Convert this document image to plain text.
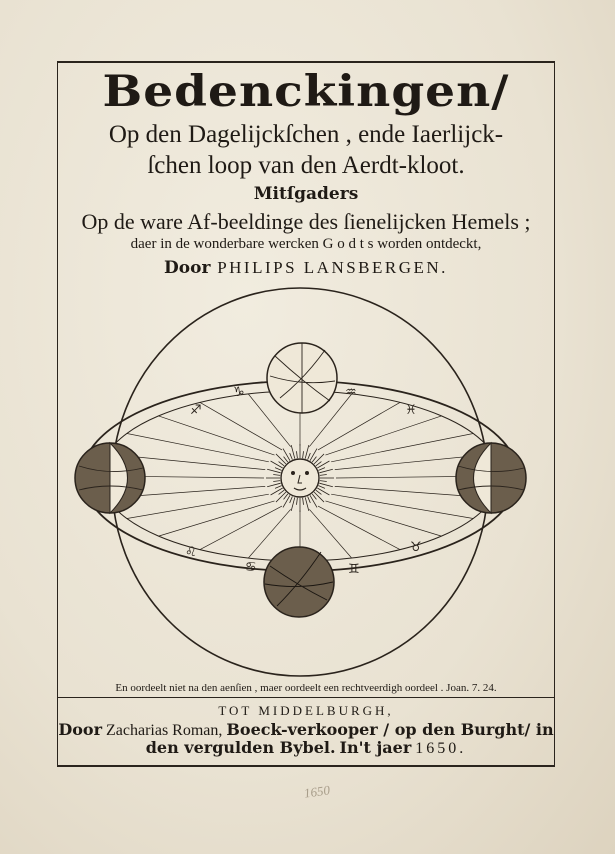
Bedenckingen/
Op den Dagelijckſchen , ende Iaerlijck-
ſchen loop van den Aerdt-kloot.
Mitſgaders
Op de ware Af-beeldinge des ſienelijcken Hemels ;
daer in de wonderbare wercken G o d t s worden ontdeckt,
Door PHILIPS LANSBERGEN.
♐
♑	♒
♓
♌
♋	♊
♉
En oordeelt niet na den aenſien , maer oordeelt een rechtveerdigh oordeel . Joan. 7. 24.
TOT MIDDELBURGH,
Door Zacharias Roman, Boeck-verkooper / op den Burght/ in
den vergulden Bybel. In't jaer 1650.
1650
